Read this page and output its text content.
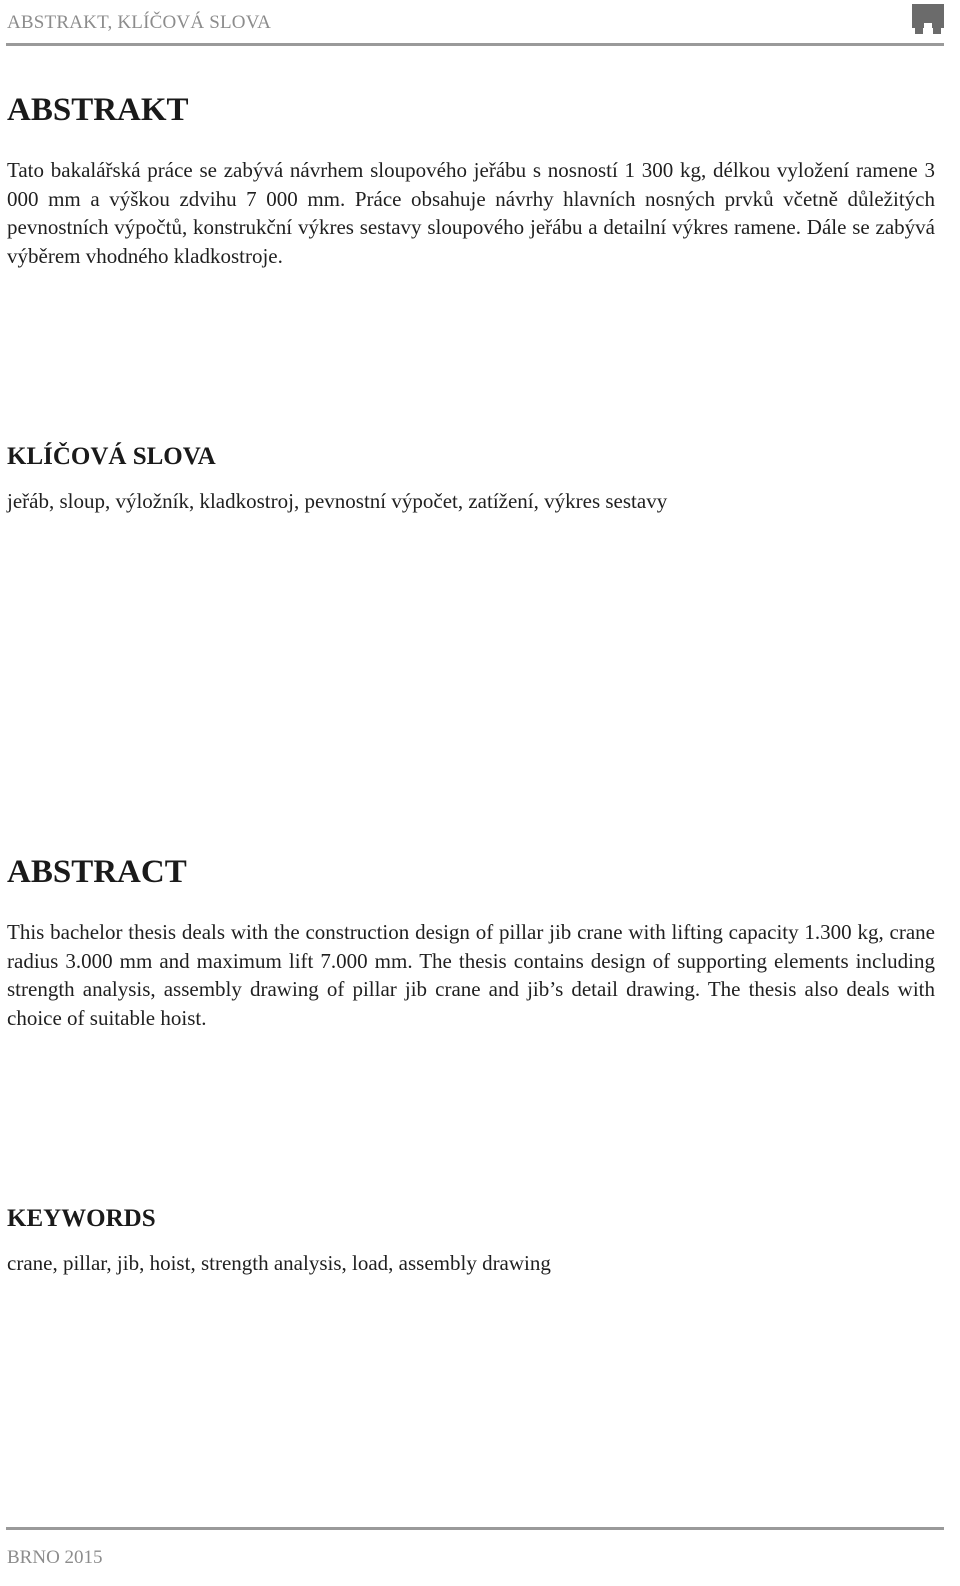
ABSTRAKT, KLÍČOVÁ SLOVA
ABSTRAKT

Tato bakalářská práce se zabývá návrhem sloupového jeřábu s nosností 1 300 kg, délkou vyložení ramene 3 000 mm a výškou zdvihu 7 000 mm. Práce obsahuje návrhy hlavních nosných prvků včetně důležitých pevnostních výpočtů, konstrukční výkres sestavy sloupového jeřábu a detailní výkres ramene. Dále se zabývá výběrem vhodného kladkostroje.

KLÍČOVÁ SLOVA

jeřáb, sloup, výložník, kladkostroj, pevnostní výpočet, zatížení, výkres sestavy

ABSTRACT

This bachelor thesis deals with the construction design of pillar jib crane with lifting capacity 1.300 kg, crane radius 3.000 mm and maximum lift 7.000 mm. The thesis contains design of supporting elements including strength analysis, assembly drawing of pillar jib crane and jib’s detail drawing. The thesis also deals with choice of suitable hoist.

KEYWORDS

crane, pillar, jib, hoist, strength analysis, load, assembly drawing

BRNO 2015
